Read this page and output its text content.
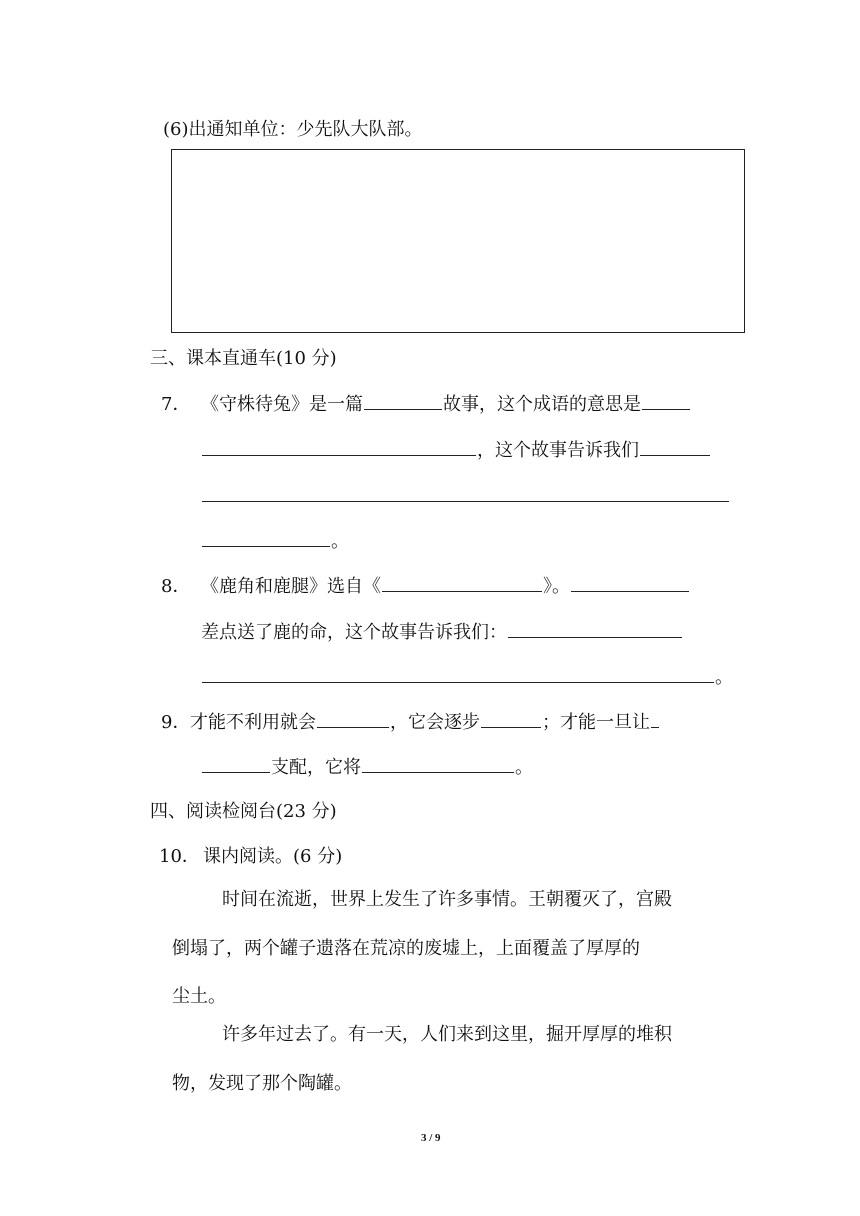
(6)出通知单位：少先队大队部。
三、课本直通车(10 分)
7． 《守株待兔》是一篇	故事，这个成语的意思是
，这个故事告诉我们
。
8． 《鹿角和鹿腿》选自《	》。
差点送了鹿的命，这个故事告诉我们：
。
9． 才能不利用就会	，它会逐步	；才能一旦让
支配，它将	。
四、阅读检阅台(23 分)
10． 课内阅读。(6 分)
时间在流逝，世界上发生了许多事情。王朝覆灭了，宫殿
倒塌了，两个罐子遗落在荒凉的废墟上，上面覆盖了厚厚的
尘土。
许多年过去了。有一天，人们来到这里，掘开厚厚的堆积
物，发现了那个陶罐。
3 / 9
